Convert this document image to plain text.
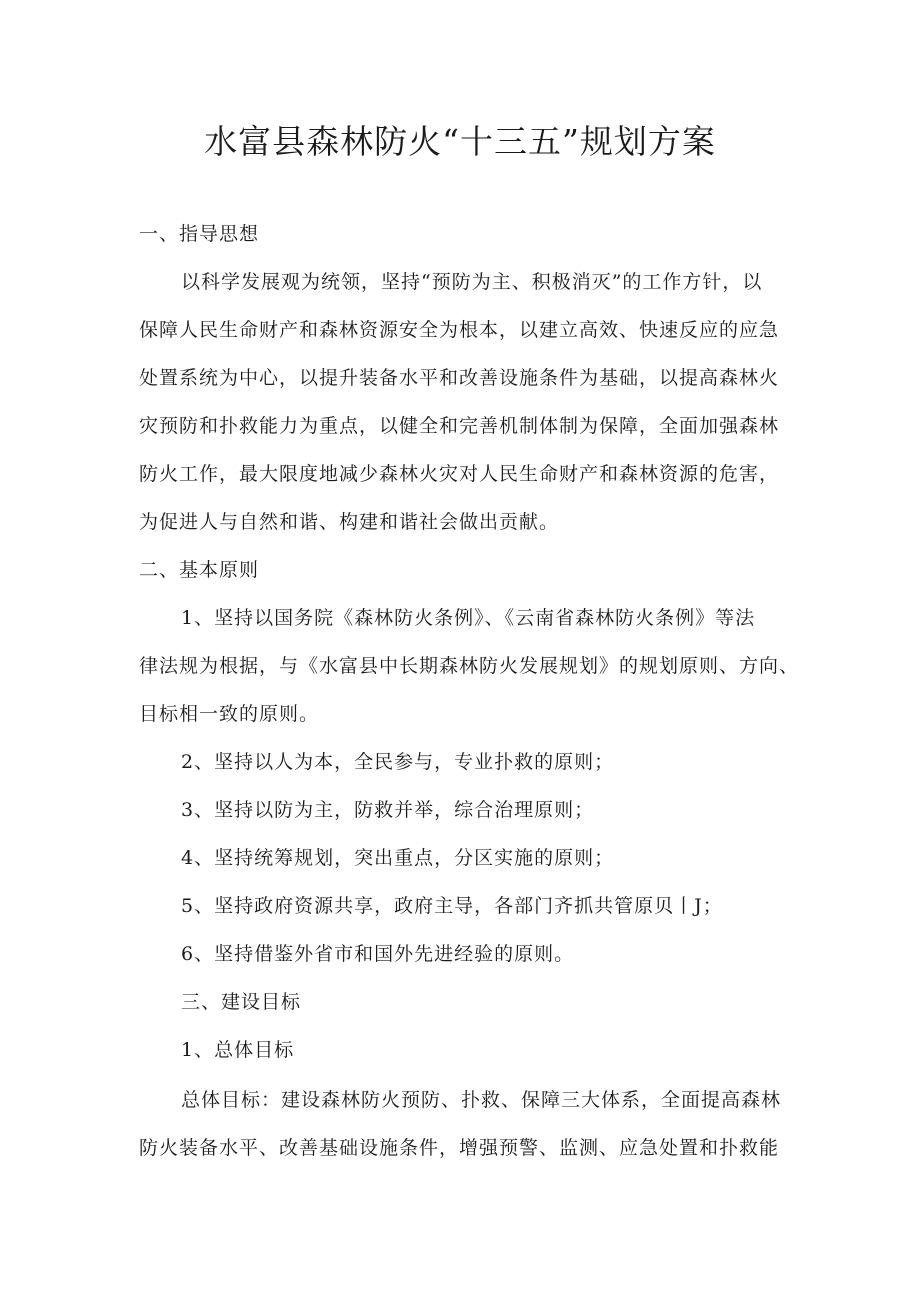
水富县森林防火“十三五”规划方案
一、指导思想
以科学发展观为统领，坚持“预防为主、积极消灭”的工作方针，以
保障人民生命财产和森林资源安全为根本，以建立高效、快速反应的应急
处置系统为中心，以提升装备水平和改善设施条件为基础，以提高森林火
灾预防和扑救能力为重点，以健全和完善机制体制为保障，全面加强森林
防火工作，最大限度地减少森林火灾对人民生命财产和森林资源的危害，
为促进人与自然和谐、构建和谐社会做出贡献。
二、基本原则
1、坚持以国务院《森林防火条例》、《云南省森林防火条例》等法
律法规为根据，与《水富县中长期森林防火发展规划》的规划原则、方向、
目标相一致的原则。
2、坚持以人为本，全民参与，专业扑救的原则；
3、坚持以防为主，防救并举，综合治理原则；
4、坚持统筹规划，突出重点，分区实施的原则；
5、坚持政府资源共享，政府主导，各部门齐抓共管原贝丨J；
6、坚持借鉴外省市和国外先进经验的原则。
三、建设目标
1、总体目标
总体目标：建设森林防火预防、扑救、保障三大体系，全面提高森林
防火装备水平、改善基础设施条件，增强预警、监测、应急处置和扑救能
